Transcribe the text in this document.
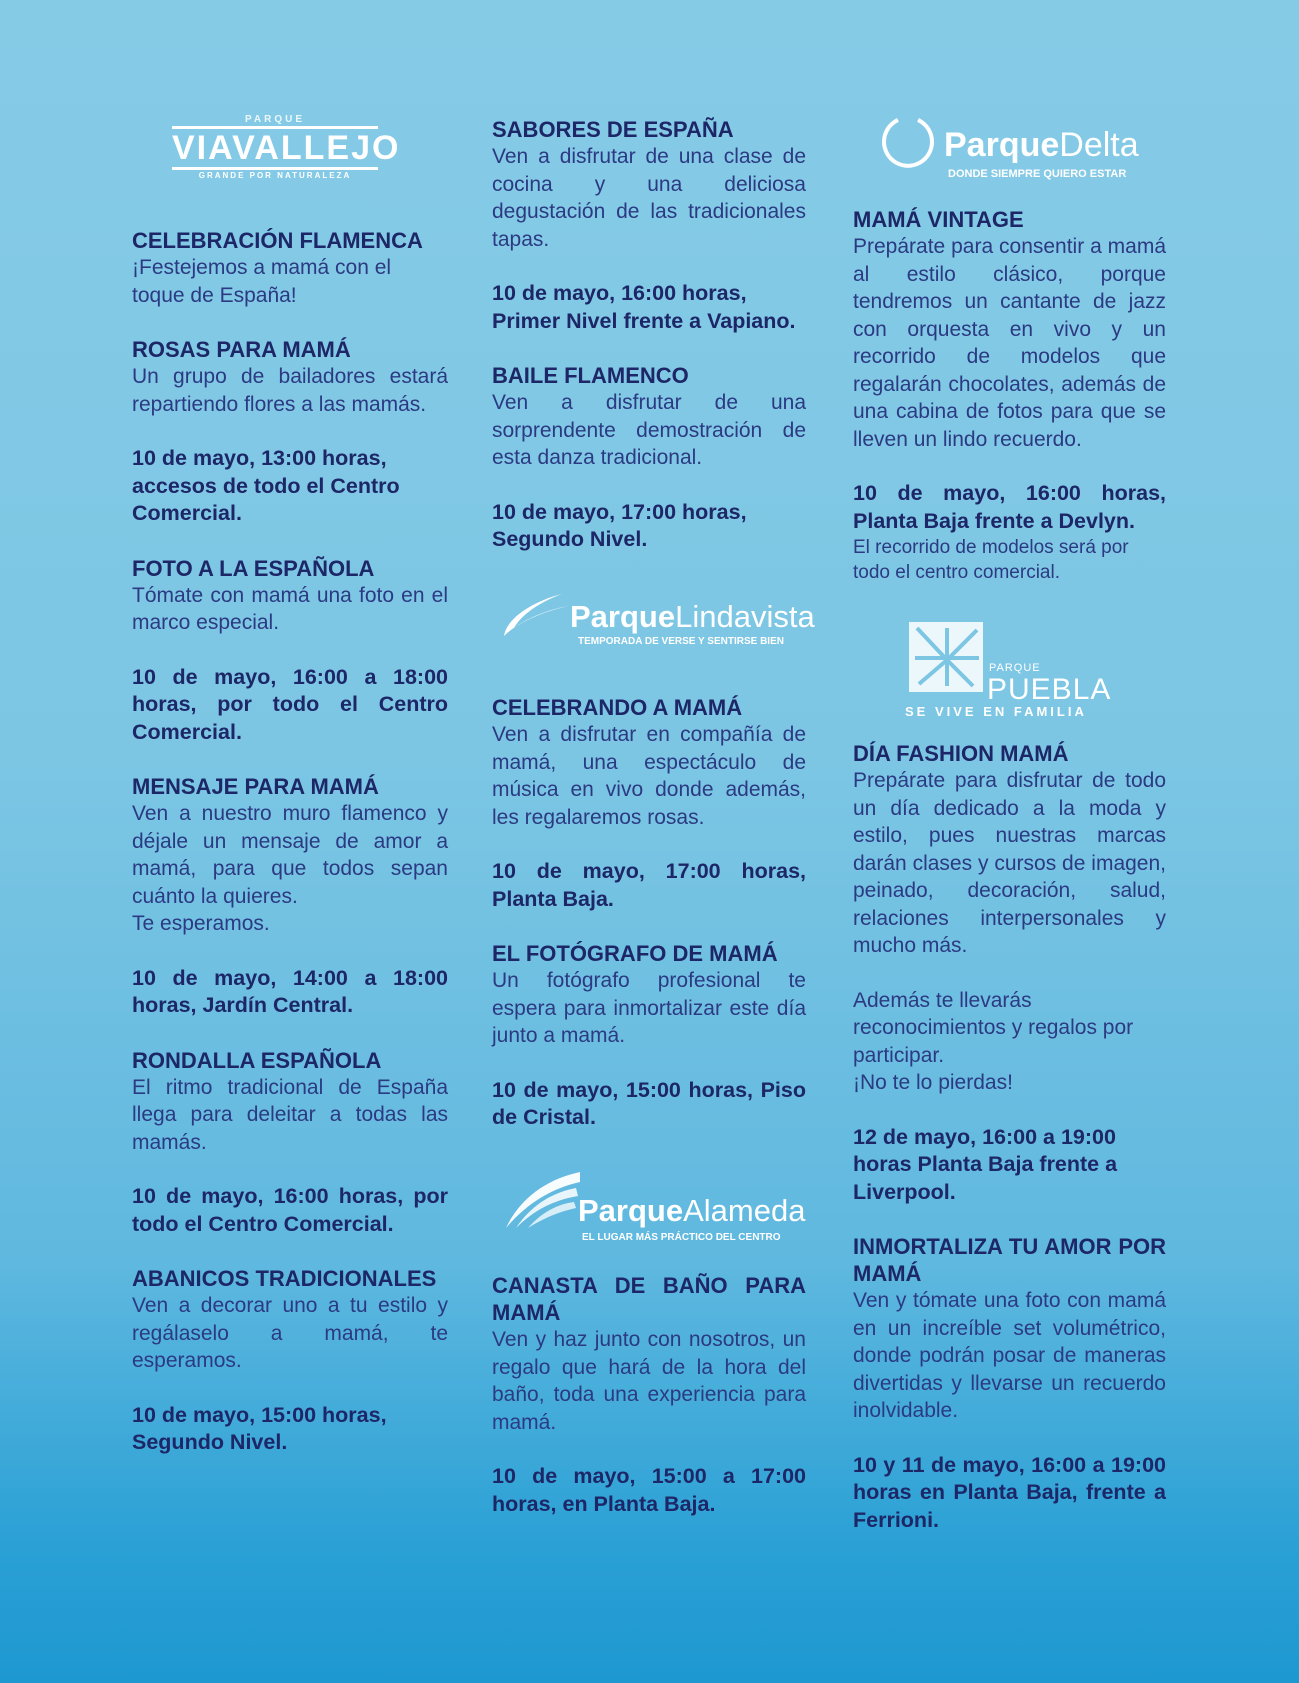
PARQUE
VIAVALLEJO
GRANDE POR NATURALEZA

CELEBRACIÓN FLAMENCA

¡Festejemos a mamá con el toque de España!

ROSAS PARA MAMÁ

Un grupo de bailadores estará repartiendo flores a las mamás.

10 de mayo, 13:00 horas, accesos de todo el Centro Comercial.

FOTO A LA ESPAÑOLA

Tómate con mamá una foto en el marco especial.

10 de mayo, 16:00 a 18:00 horas, por todo el Centro Comercial.

MENSAJE PARA MAMÁ

Ven a nuestro muro flamenco y déjale un mensaje de amor a mamá, para que todos sepan cuánto la quieres.
Te esperamos.

10 de mayo, 14:00 a 18:00 horas, Jardín Central.

RONDALLA ESPAÑOLA

El ritmo tradicional de España llega para deleitar a todas las mamás.

10 de mayo, 16:00 horas, por todo el Centro Comercial.

ABANICOS TRADICIONALES

Ven a decorar uno a tu estilo y regálaselo a mamá, te esperamos.

10 de mayo, 15:00 horas, Segundo Nivel.

SABORES DE ESPAÑA

Ven a disfrutar de una clase de cocina y una deliciosa degustación de las tradicionales tapas.

10 de mayo, 16:00 horas, Primer Nivel frente a Vapiano.

BAILE FLAMENCO

Ven a disfrutar de una sorprendente demostración de esta danza tradicional.

10 de mayo, 17:00 horas, Segundo Nivel.

ParqueLindavista
TEMPORADA DE VERSE Y SENTIRSE BIEN

CELEBRANDO A MAMÁ

Ven a disfrutar en compañía de mamá, una espectáculo de música en vivo donde además, les regalaremos rosas.

10 de mayo, 17:00 horas, Planta Baja.

EL FOTÓGRAFO DE MAMÁ

Un fotógrafo profesional te espera para inmortalizar este día junto a mamá.

10 de mayo, 15:00 horas, Piso de Cristal.

ParqueAlameda
EL LUGAR MÁS PRÁCTICO DEL CENTRO

CANASTA DE BAÑO PARA MAMÁ

Ven y haz junto con nosotros, un regalo que hará de la hora del baño, toda una experiencia para mamá.

10 de mayo, 15:00 a 17:00 horas, en Planta Baja.

ParqueDelta
DONDE SIEMPRE QUIERO ESTAR

MAMÁ VINTAGE

Prepárate para consentir a mamá al estilo clásico, porque tendremos un cantante de jazz con orquesta en vivo y un recorrido de modelos que regalarán chocolates, además de una cabina de fotos para que se lleven un lindo recuerdo.

10 de mayo, 16:00 horas, Planta Baja frente a Devlyn.

El recorrido de modelos será por todo el centro comercial.

PARQUE
PUEBLA
SE VIVE EN FAMILIA

DÍA FASHION MAMÁ

Prepárate para disfrutar de todo un día dedicado a la moda y estilo, pues nuestras marcas darán clases y cursos de imagen, peinado, decoración, salud, relaciones interpersonales y mucho más.

Además te llevarás reconocimientos y regalos por participar.
¡No te lo pierdas!

12 de mayo, 16:00 a 19:00 horas Planta Baja frente a Liverpool.

INMORTALIZA TU AMOR POR MAMÁ

Ven y tómate una foto con mamá en un increíble set volumétrico, donde podrán posar de maneras divertidas y llevarse un recuerdo inolvidable.

10 y 11 de mayo, 16:00 a 19:00 horas en Planta Baja, frente a Ferrioni.
